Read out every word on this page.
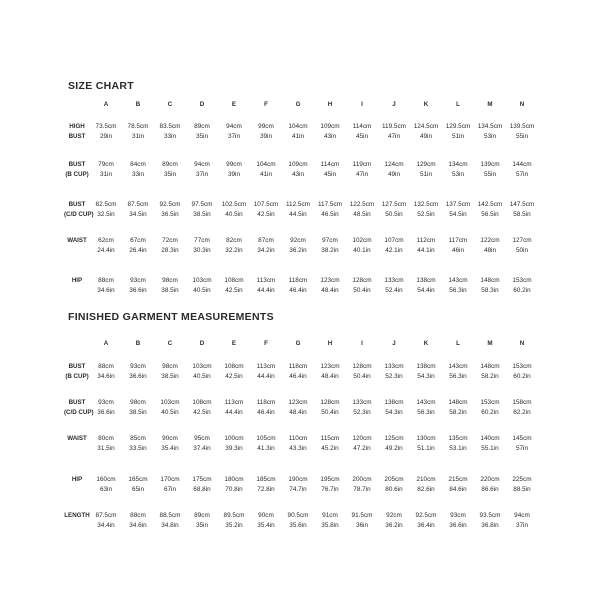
SIZE CHART
	A	B	C	D	E	F	G	H	I	J	K	L	M	N

HIGH	73.5cm	78.5cm	83.5cm	89cm	94cm	99cm	104cm	109cm	114cm	119.5cm	124.5cm	129.5cm	134.5cm	139.5cm

BUST	29in	31in	33in	35in	37in	39in	41in	43in	45in	47in	49in	51in	53in	55in

BUST	79cm	84cm	89cm	94cm	99cm	104cm	109cm	114cm	119cm	124cm	129cm	134cm	139cm	144cm

(B CUP)	31in	33in	35in	37in	39in	41in	43in	45in	47in	49in	51in	53in	55in	57in

BUST	82.5cm	87.5cm	92.5cm	97.5cm	102.5cm	107.5cm	112.5cm	117.5cm	122.5cm	127.5cm	132.5cm	137.5cm	142.5cm	147.5cm

(C/D CUP)	32.5in	34.5in	36.5in	38.5in	40.5in	42.5in	44.5in	46.5in	48.5in	50.5in	52.5in	54.5in	56.5in	58.5in

WAIST	62cm	67cm	72cm	77cm	82cm	87cm	92cm	97cm	102cm	107cm	112cm	117cm	122cm	127cm

	24.4in	26.4in	28.3in	30.3in	32.2in	34.2in	36.2in	38.2in	40.1in	42.1in	44.1in	46in	48in	50in

HIP	88cm	93cm	98cm	103cm	108cm	113cm	118cm	123cm	128cm	133cm	138cm	143cm	148cm	153cm

	34.6in	36.6in	38.5in	40.5in	42.5in	44.4in	46.4in	48.4in	50.4in	52.4in	54.4in	56.3in	58.3in	60.2in
FINISHED GARMENT MEASUREMENTS
	A	B	C	D	E	F	G	H	I	J	K	L	M	N

BUST	88cm	93cm	98cm	103cm	108cm	113cm	118cm	123cm	128cm	133cm	138cm	143cm	148cm	153cm

(B CUP)	34.6in	36.6in	38.5in	40.5in	42.5in	44.4in	46.4in	48.4in	50.4in	52.3in	54.3in	56.3in	58.2in	60.2in

BUST	93cm	98cm	103cm	108cm	113cm	118cm	123cm	128cm	133cm	138cm	143cm	148cm	153cm	158cm

(C/D CUP)	36.6in	38.5in	40.5in	42.5in	44.4in	46.4in	48.4in	50.4in	52.3in	54.3in	56.3in	58.2in	60.2in	62.2in

WAIST	80cm	85cm	90cm	95cm	100cm	105cm	110cm	115cm	120cm	125cm	130cm	135cm	140cm	145cm

	31.5in	33.5in	35.4in	37.4in	39.3in	41.3in	43.3in	45.2in	47.2in	49.2in	51.1in	53.1in	55.1in	57in

HIP	160cm	165cm	170cm	175cm	180cm	185cm	190cm	195cm	200cm	205cm	210cm	215cm	220cm	225cm

	63in	65in	67in	68.8in	70.8in	72.8in	74.7in	76.7in	78.7in	80.6in	82.6in	84.6in	86.6in	88.5in

LENGTH	87.5cm	88cm	88.5cm	89cm	89.5cm	90cm	90.5cm	91cm	91.5cm	92cm	92.5cm	93cm	93.5cm	94cm

	34.4in	34.6in	34.8in	35in	35.2in	35.4in	35.6in	35.8in	36in	36.2in	36.4in	36.6in	36.8in	37in
